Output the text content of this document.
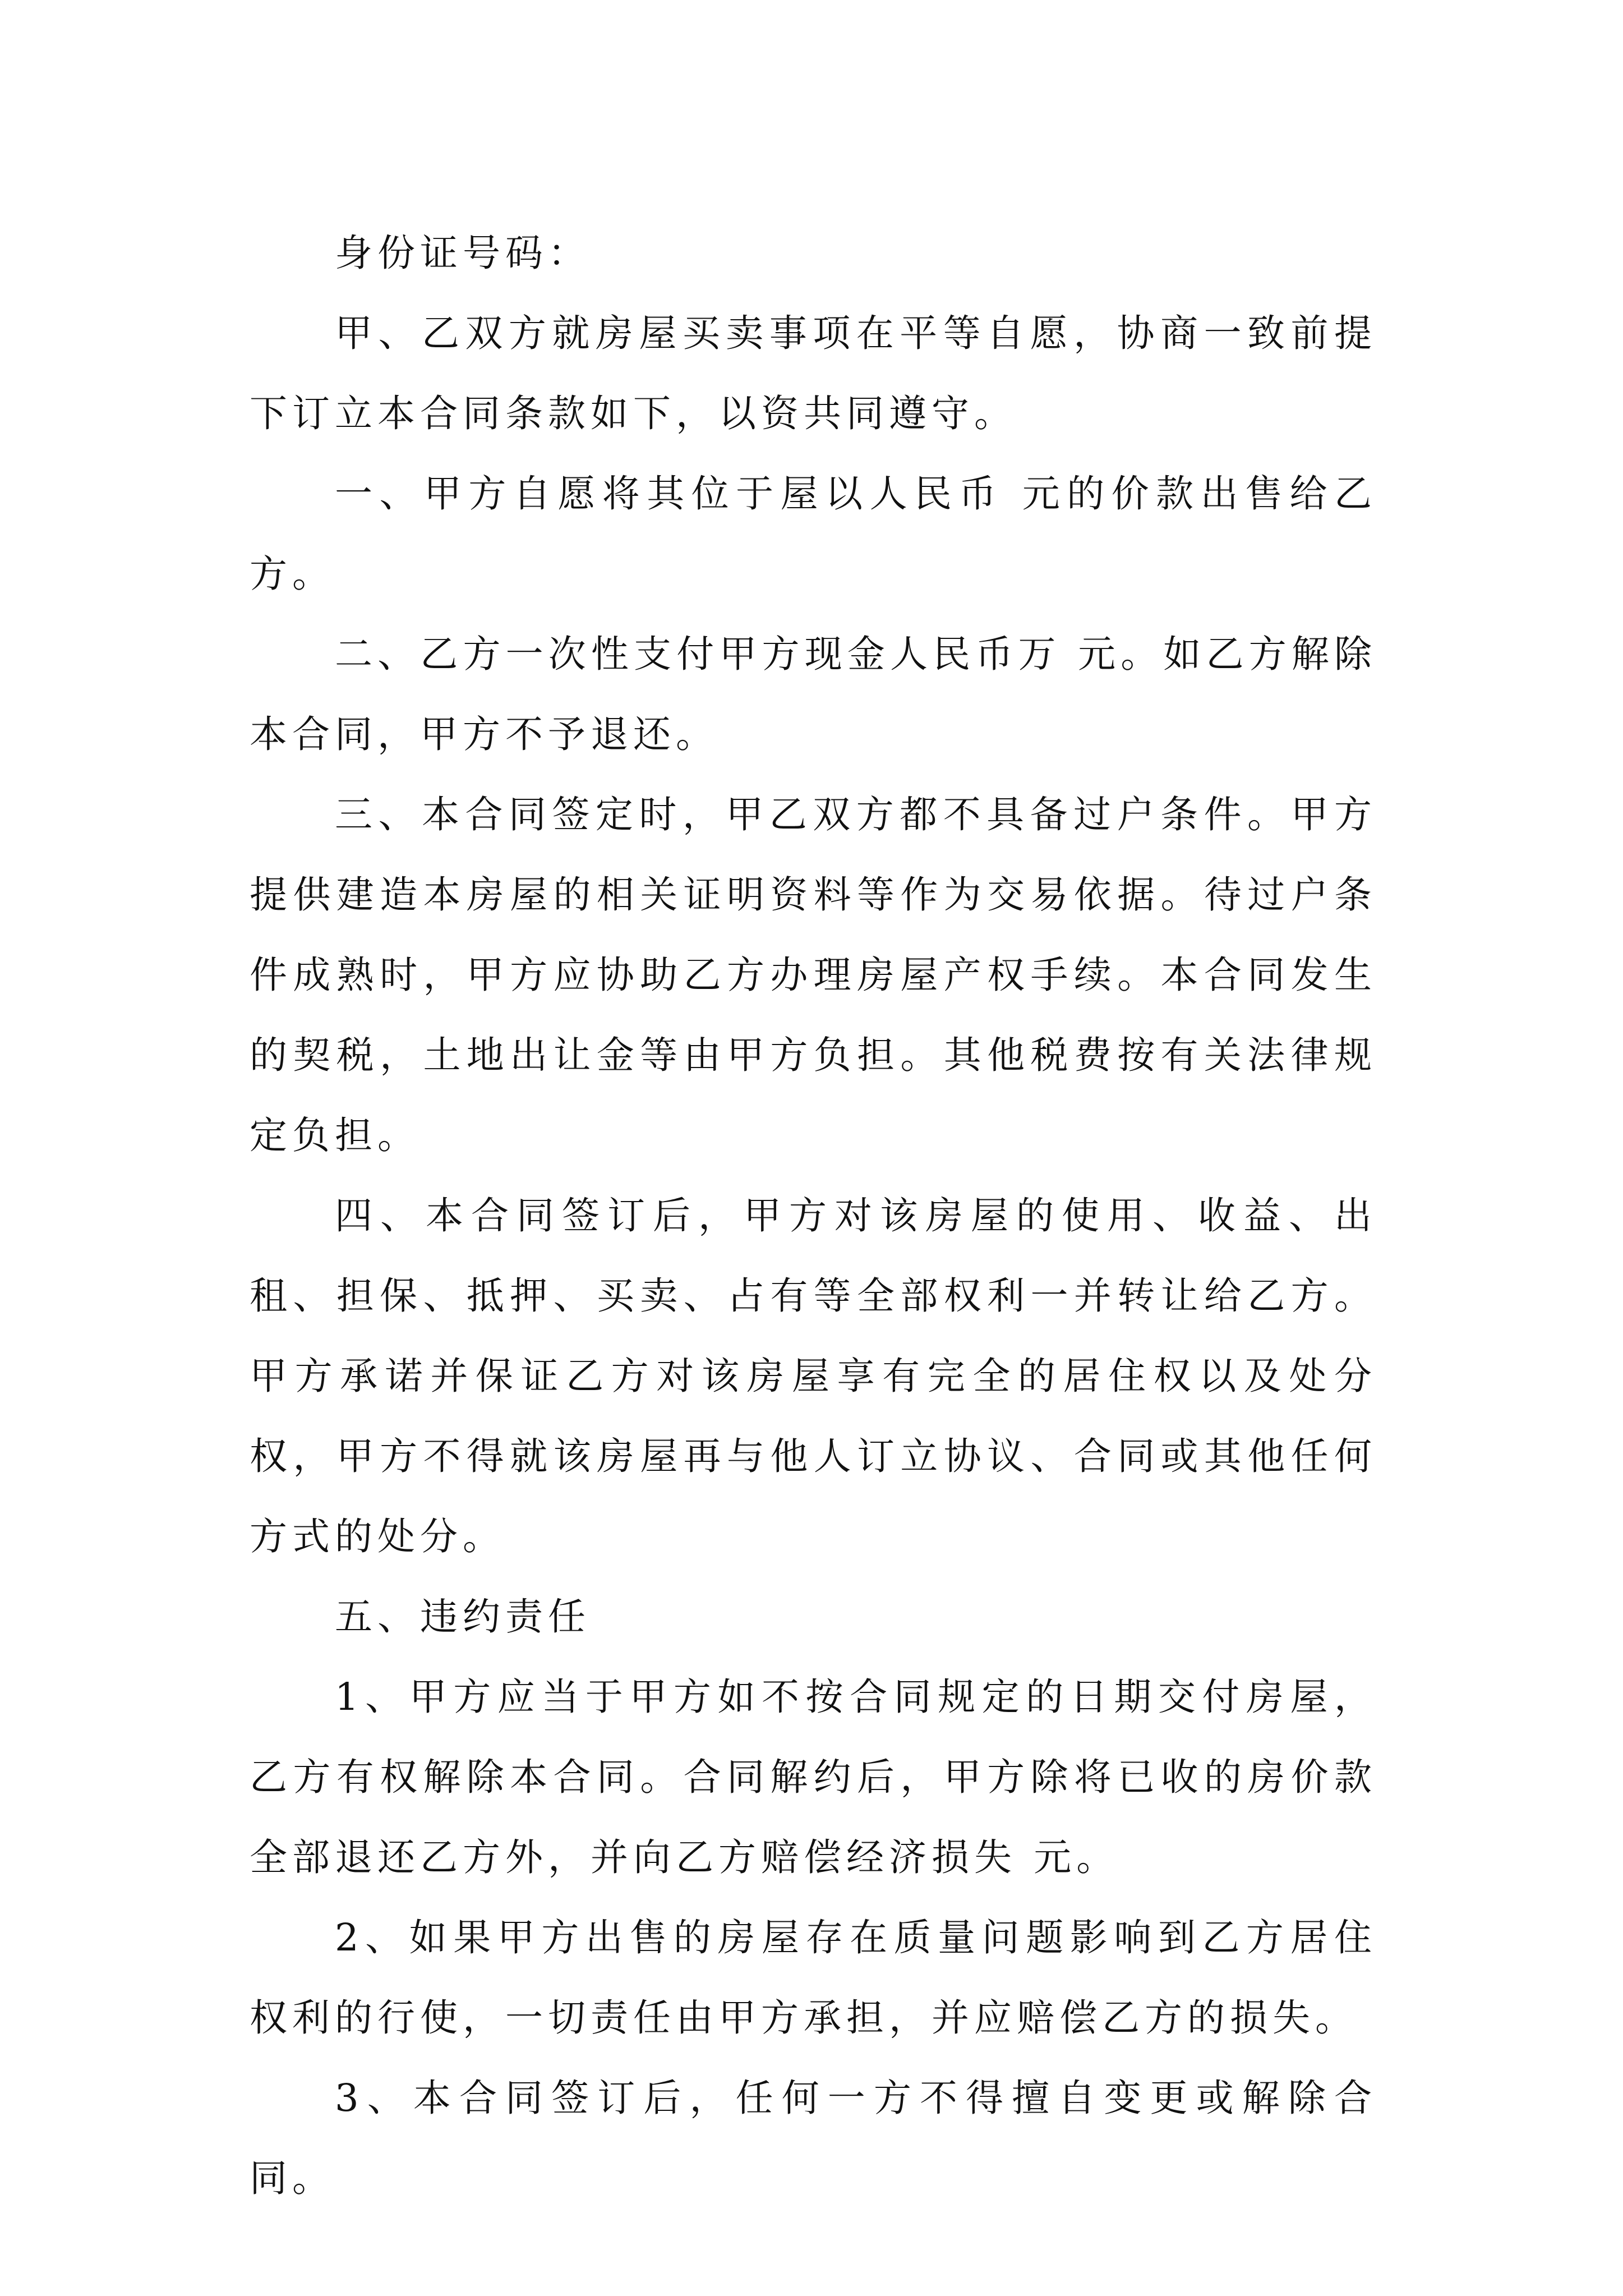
身份证号码：

甲、乙双方就房屋买卖事项在平等自愿，协商一致前提下订立本合同条款如下，以资共同遵守。

一、甲方自愿将其位于屋以人民币 元的价款出售给乙方。

二、乙方一次性支付甲方现金人民币万 元。如乙方解除本合同，甲方不予退还。

三、本合同签定时，甲乙双方都不具备过户条件。甲方提供建造本房屋的相关证明资料等作为交易依据。待过户条件成熟时，甲方应协助乙方办理房屋产权手续。本合同发生的契税，土地出让金等由甲方负担。其他税费按有关法律规定负担。

四、本合同签订后，甲方对该房屋的使用、收益、出租、担保、抵押、买卖、占有等全部权利一并转让给乙方。甲方承诺并保证乙方对该房屋享有完全的居住权以及处分权，甲方不得就该房屋再与他人订立协议、合同或其他任何方式的处分。

五、违约责任

1、甲方应当于甲方如不按合同规定的日期交付房屋，乙方有权解除本合同。合同解约后，甲方除将已收的房价款全部退还乙方外，并向乙方赔偿经济损失 元。

2、如果甲方出售的房屋存在质量问题影响到乙方居住权利的行使，一切责任由甲方承担，并应赔偿乙方的损失。

3、本合同签订后，任何一方不得擅自变更或解除合同。
